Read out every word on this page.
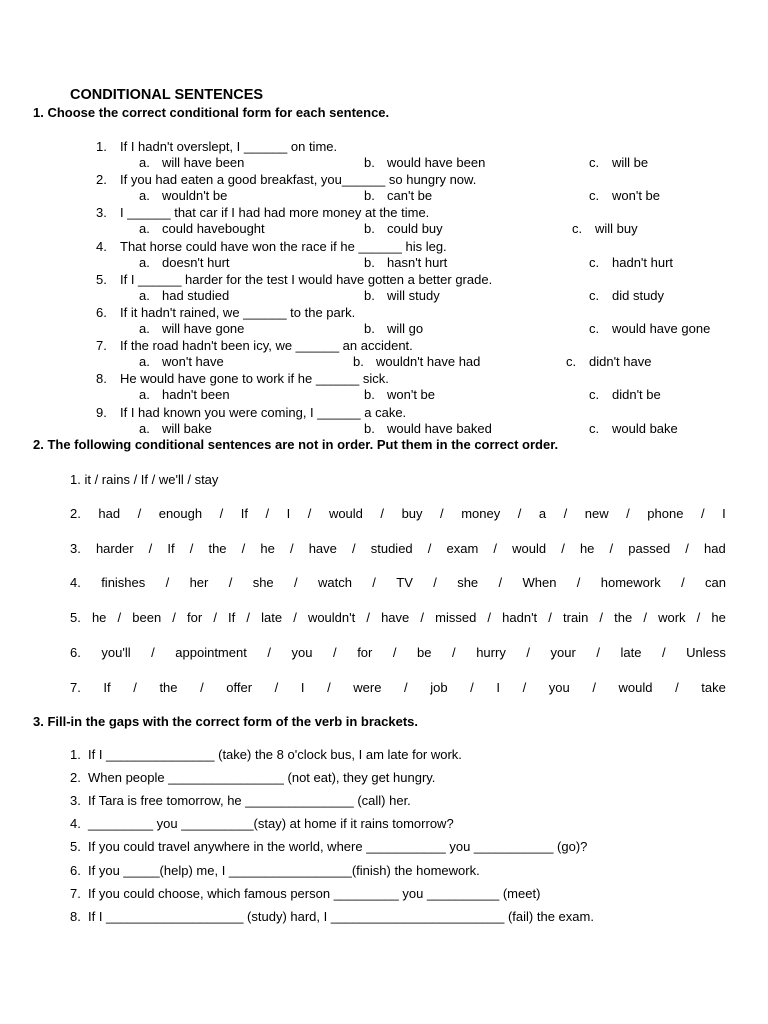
CONDITIONAL SENTENCES
1. Choose the correct conditional form for each sentence.
1. If I hadn't overslept, I ______ on time.
a. will have been	b. would have been	c. will be
2. If you had eaten a good breakfast, you______ so hungry now.
a. wouldn't be	b. can't be	c. won't be
3. I ______ that car if I had had more money at the time.
a. could havebought	b. could buy	c. will buy
4. That horse could have won the race if he ______ his leg.
a. doesn't hurt	b. hasn't hurt	c. hadn't hurt
5. If I ______ harder for the test I would have gotten a better grade.
a. had studied	b. will study	c. did study
6. If it hadn't rained, we ______ to the park.
a. will have gone	b. will go	c. would have gone
7. If the road hadn't been icy, we ______ an accident.
a. won't have	b. wouldn't have had	c. didn't have
8. He would have gone to work if he ______ sick.
a. hadn't been	b. won't be	c. didn't be
9. If I had known you were coming, I ______ a cake.
a. will bake	b. would have baked	c. would bake
2. The following conditional sentences are not in order. Put them in the correct order.
1. it / rains / If / we'll / stay
2. had / enough / If / I / would / buy / money / a / new / phone / I
3. harder / If / the / he / have / studied / exam / would / he / passed / had
4. finishes / her / she / watch / TV / she / When / homework / can
5. he / been / for / If / late / wouldn't / have / missed / hadn't / train / the / work / he
6. you'll / appointment / you / for / be / hurry / your / late / Unless
7. If / the / offer / I / were / job / I / you / would / take
3. Fill-in the gaps with the correct form of the verb in brackets.
1. If I _______________ (take) the 8 o'clock bus, I am late for work.
2. When people ________________ (not eat), they get hungry.
3. If Tara is free tomorrow, he _______________ (call) her.
4. _________ you __________(stay) at home if it rains tomorrow?
5. If you could travel anywhere in the world, where ___________ you ___________ (go)?
6. If you _____(help) me, I _________________(finish) the homework.
7. If you could choose, which famous person _________ you __________ (meet)
8. If I ___________________ (study) hard, I ________________________ (fail) the exam.
